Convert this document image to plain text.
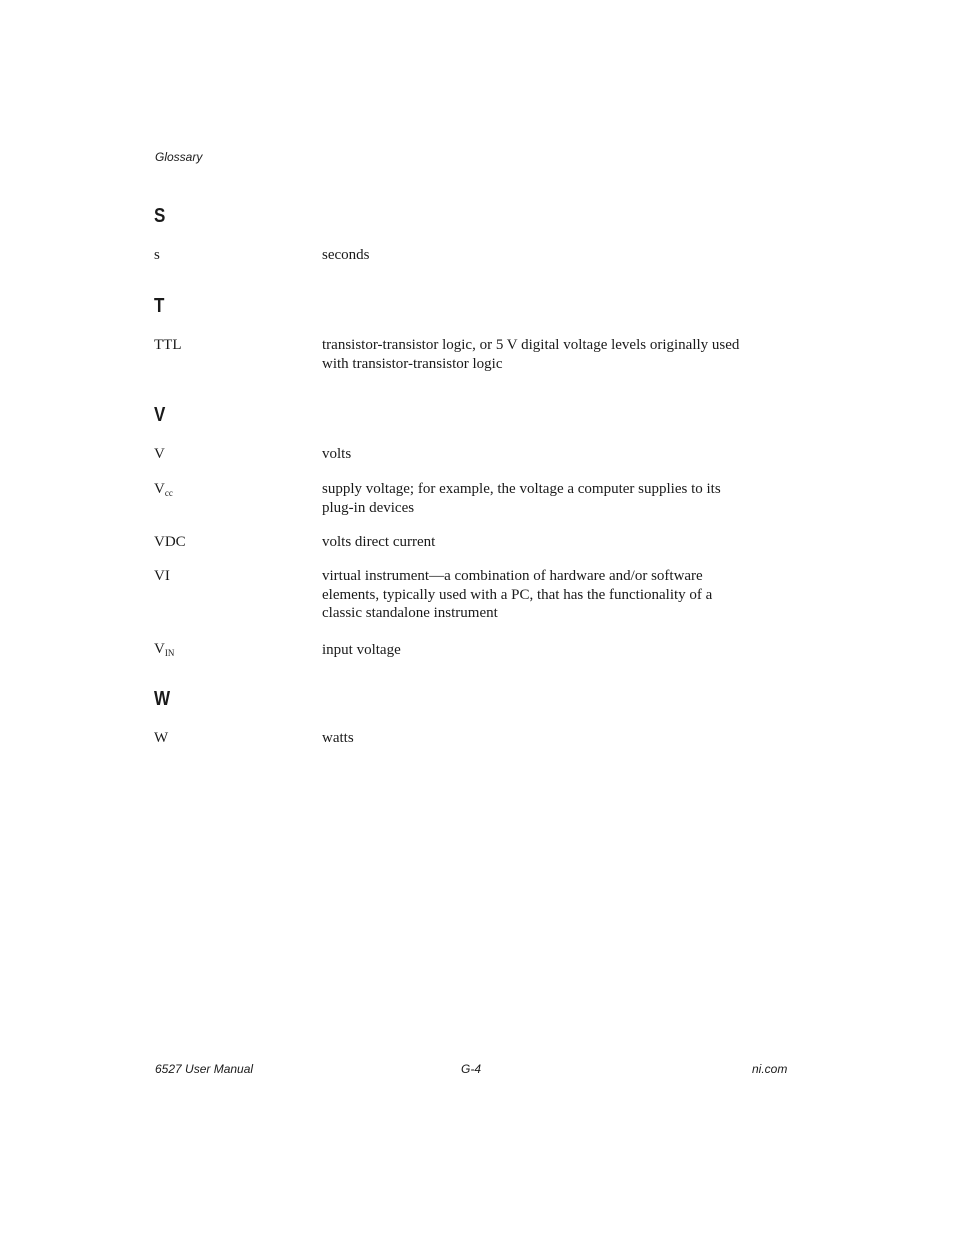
Glossary
S
s	seconds
T
TTL	transistor-transistor logic, or 5 V digital voltage levels originally used
with transistor-transistor logic
V
V	volts
$V_{cc}$	supply voltage; for example, the voltage a computer supplies to its
plug-in devices
VDC	volts direct current
VI	virtual instrument—a combination of hardware and/or software
elements, typically used with a PC, that has the functionality of a
classic standalone instrument
$V_{IN}$	input voltage
W
W	watts
6527 User Manual	G-4	ni.com
